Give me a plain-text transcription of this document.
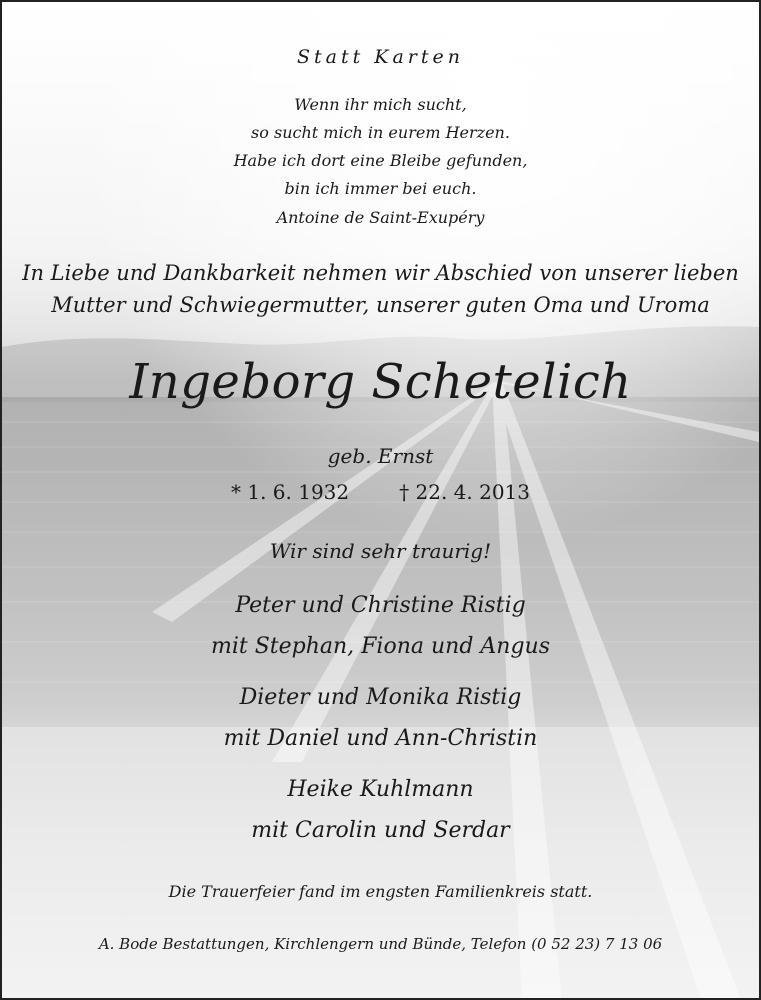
Statt Karten
Wenn ihr mich sucht,
so sucht mich in eurem Herzen.
Habe ich dort eine Bleibe gefunden,
bin ich immer bei euch.
Antoine de Saint-Exupéry
In Liebe und Dankbarkeit nehmen wir Abschied von unserer lieben
Mutter und Schwiegermutter, unserer guten Oma und Uroma
Ingeborg Schetelich
geb. Ernst
* 1. 6. 1932	† 22. 4. 2013
Wir sind sehr traurig!
Peter und Christine Ristig
mit Stephan, Fiona und Angus
Dieter und Monika Ristig
mit Daniel und Ann-Christin
Heike Kuhlmann
mit Carolin und Serdar
Die Trauerfeier fand im engsten Familienkreis statt.
A. Bode Bestattungen, Kirchlengern und Bünde, Telefon (0 52 23) 7 13 06
